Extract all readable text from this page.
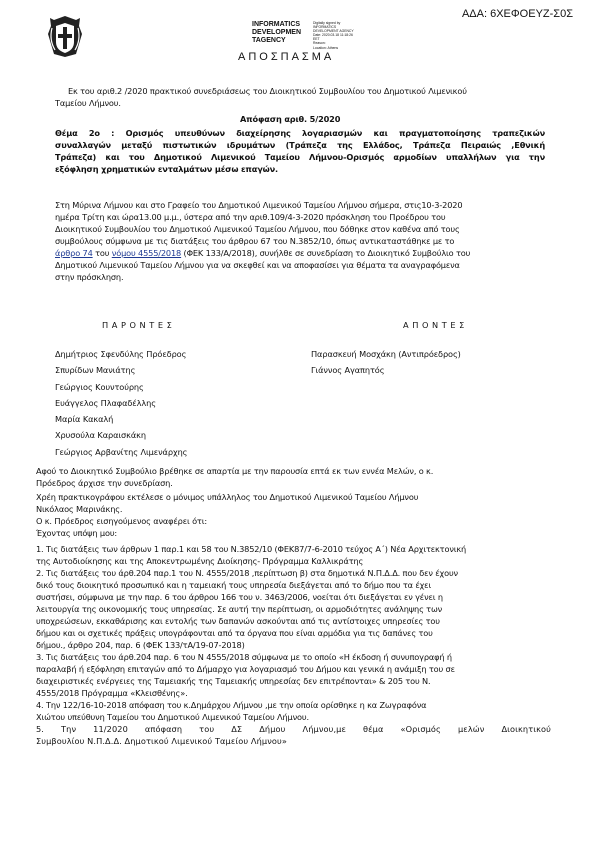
ΑΔΑ: 6ΧΕΦΟΕΥΖ-Σ0Σ
INFORMATICS
DEVELOPMEN
TAGENCY
Digitally signed by
INFORMATICS
DEVELOPMENT AGENCY
Date: 2020.03.18 11:18:26
EET
Reason:
Location: Athens
ΑΠΟΣΠΑΣΜΑ
Εκ του αριθ.2 /2020 πρακτικού συνεδριάσεως του Διοικητικού Συμβουλίου του Δημοτικού Λιμενικού
Ταμείου Λήμνου.
Απόφαση αριθ. 5/2020
Θέμα 2ο : Ορισμός υπευθύνων διαχείρησης λογαριασμών και πραγματοποίησης τραπεζικών
συναλλαγών μεταξύ πιστωτικών ιδρυμάτων (Τράπεζα της Ελλάδος, Τράπεζα Πειραιώς ,Εθνική
Τράπεζα) και του Δημοτικού Λιμενικού Ταμείου Λήμνου-Ορισμός αρμοδίων υπαλλήλων για την
εξόφληση χρηματικών ενταλμάτων μέσω επαγών.
Στη Μύρινα Λήμνου και στο Γραφείο του Δημοτικού Λιμενικού Ταμείου Λήμνου σήμερα, στις10-3-2020
ημέρα Τρίτη και ώρα13.00 μ.μ., ύστερα από την αριθ.109/4-3-2020 πρόσκληση του Προέδρου του
Διοικητικού Συμβουλίου του Δημοτικού Λιμενικού Ταμείου Λήμνου, που δόθηκε στον καθένα από τους
συμβούλους σύμφωνα με τις διατάξεις του άρθρου 67 του Ν.3852/10, όπως αντικαταστάθηκε με το
άρθρο 74 του νόμου 4555/2018 (ΦΕΚ 133/Α/2018), συνήλθε σε συνεδρίαση το Διοικητικό Συμβούλιο του
Δημοτικού Λιμενικού Ταμείου Λήμνου για να σκεφθεί και να αποφασίσει για θέματα τα αναγραφόμενα
στην πρόσκληση.
Π Α Ρ Ο Ν Τ Ε Σ	Α Π Ο Ν Τ Ε Σ
Δημήτριος Σφενδύλης Πρόεδρος
Σπυρίδων Μανιάτης
Γεώργιος Κουντούρης
Ευάγγελος Πλαφαδέλλης
Μαρία Κακαλή
Χρυσούλα Καραισκάκη
Γεώργιος Αρβανίτης Λιμενάρχης
Παρασκευή Μοσχάκη (Αντιπρόεδρος)
Γιάννος Αγαπητός
Αφού το Διοικητικό Συμβούλιο βρέθηκε σε απαρτία με την παρουσία επτά εκ των εννέα Μελών, ο κ.
Πρόεδρος άρχισε την συνεδρίαση.
Χρέη πρακτικογράφου εκτέλεσε ο μόνιμος υπάλληλος του Δημοτικού Λιμενικού Ταμείου Λήμνου
Νικόλαος Μαρινάκης.
Ο κ. Πρόεδρος εισηγούμενος αναφέρει ότι:
Έχοντας υπόψη μου:
1. Τις διατάξεις των άρθρων 1 παρ.1 και 58 του Ν.3852/10 (ΦΕΚ87/7-6-2010 τεύχος Α΄) Νέα Αρχιτεκτονική
της Αυτοδιοίκησης και της Αποκεντρωμένης Διοίκησης- Πρόγραμμα Καλλικράτης
2. Τις διατάξεις του άρθ.204 παρ.1 του Ν. 4555/2018 ,περίπτωση β) στα δημοτικά Ν.Π.Δ.Δ. που δεν έχουν
δικό τους διοικητικό προσωπικό και η ταμειακή τους υπηρεσία διεξάγεται από το δήμο που τα έχει
συστήσει, σύμφωνα με την παρ. 6 του άρθρου 166 του ν. 3463/2006, νοείται ότι διεξάγεται εν γένει η
λειτουργία της οικονομικής τους υπηρεσίας. Σε αυτή την περίπτωση, οι αρμοδιότητες ανάληψης των
υποχρεώσεων, εκκαθάρισης και εντολής των δαπανών ασκούνται από τις αντίστοιχες υπηρεσίες του
δήμου και οι σχετικές πράξεις υπογράφονται από τα όργανα που είναι αρμόδια για τις δαπάνες του
δήμου., άρθρο 204, παρ. 6 (ΦΕΚ 133/τΑ/19-07-2018)
3. Τις διατάξεις του άρθ.204 παρ. 6 του Ν 4555/2018 σύμφωνα με το οποίο «Η έκδοση ή συνυπογραφή ή
παραλαβή ή εξόφληση επιταγών από το Δήμαρχο για λογαριασμό του Δήμου και γενικά η ανάμιξη του σε
διαχειριστικές ενέργειες της Ταμειακής της Ταμειακής υπηρεσίας δεν επιτρέπονται» & 205 του Ν.
4555/2018 Πρόγραμμα «Κλεισθένης».
4. Την 122/16-10-2018 απόφαση του κ.Δημάρχου Λήμνου ,με την οποία ορίσθηκε η κα Ζωγραφόνα
Χιώτου υπεύθυνη Ταμείου του Δημοτικού Λιμενικού Ταμείου Λήμνου.
5. Την 11/2020 απόφαση του ΔΣ Δήμου Λήμνου,με θέμα «Ορισμός μελών Διοικητικού
Συμβουλίου Ν.Π.Δ.Δ. Δημοτικού Λιμενικού Ταμείου Λήμνου»
